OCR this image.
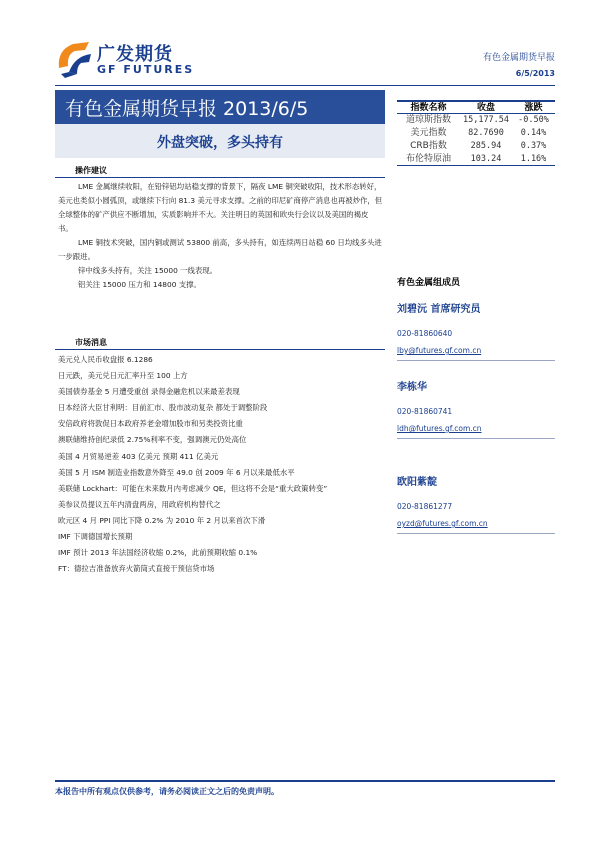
广发期货
GF FUTURES
有色金属期货早报
6/5/2013
有色金属期货早报 2013/6/5
外盘突破，多头持有
指数名称	收盘	涨跌
道琼斯指数	15,177.54	-0.50%
美元指数	82.7690	0.14%
CRB指数	285.94	0.37%
布伦特原油	103.24	1.16%
操作建议

LME 金属继续收阳，在铅锌铝均站稳支撑的背景下，隔夜 LME 铜突破收阳，技术形态转好，美元也类似小圆弧顶，或继续下行向 81.3 美元寻求支撑。之前的印尼矿商停产消息也再被炒作，但全球整体的矿产供应不断增加，实质影响并不大。关注明日的英国和欧央行会议以及美国的褐皮书。

LME 铜技术突破，国内铜或测试 53800 前高，多头持有，如连续两日站稳 60 日均线多头进一步跟进。

锌中线多头持有，关注 15000 一线表现。

铝关注 15000 压力和 14800 支撑。

市场消息
美元兑人民币收盘报 6.1286
日元跌，美元兑日元汇率升至 100 上方
美国债券基金 5 月遭受重创 录得金融危机以来最差表现
日本经济大臣甘利明：目前汇市、股市波动复杂 都处于调整阶段
安倍政府将敦促日本政府养老金增加股市和另类投资比重
澳联储维持创纪录低 2.75%利率不变，强调澳元仍处高位
美国 4 月贸易逆差 403 亿美元 预期 411 亿美元
美国 5 月 ISM 制造业指数意外降至 49.0 创 2009 年 6 月以来最低水平
美联储 Lockhart：可能在未来数月内考虑减少 QE，但这将不会是“重大政策转变”
美参议员提议五年内清盘两房，用政府机构替代之
欧元区 4 月 PPI 同比下降 0.2% 为 2010 年 2 月以来首次下滑
IMF 下调德国增长预期
IMF 预计 2013 年法国经济收缩 0.2%，此前预期收缩 0.1%
FT：德拉吉准备放弃火箭筒式直接干预信贷市场
有色金属组成员
刘碧沅 首席研究员
020-81860640
lby@futures.gf.com.cn
李栋华
020-81860741
ldh@futures.gf.com.cn
欧阳紫靛
020-81861277
oyzd@futures.gf.com.cn
本报告中所有观点仅供参考，请务必阅读正文之后的免责声明。
